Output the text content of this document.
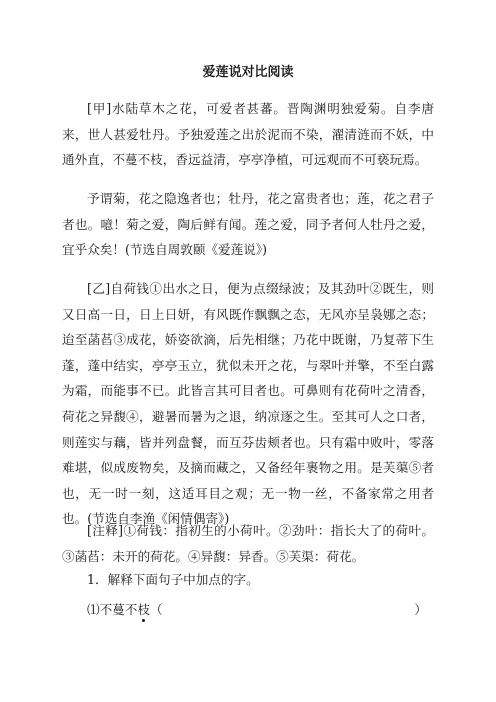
爱莲说对比阅读

[甲]水陆草木之花，可爱者甚蕃。晋陶渊明独爱菊。自李唐来，世人甚爱牡丹。予独爱莲之出於泥而不染，濯清涟而不妖，中通外直，不蔓不枝，香远益清，亭亭净植，可远观而不可亵玩焉。

予谓菊，花之隐逸者也；牡丹，花之富贵者也；莲，花之君子者也。噫！菊之爱，陶后鲜有闻。莲之爱，同予者何人牡丹之爱，宜乎众矣！(节选自周敦颐《爱莲说》)

[乙]自荷钱①出水之日，便为点缀绿波；及其劲叶②既生，则又日高一日，日上日妍，有风既作飘飘之态，无风亦呈袅娜之态；迨至菡萏③成花，娇姿欲滴，后先相继；乃花中既谢，乃复蒂下生蓬，蓬中结实，亭亭玉立，犹似未开之花，与翠叶并擎，不至白露为霜，而能事不已。此皆言其可目者也。可鼻则有花荷叶之清香，荷花之异馥④，避暑而暑为之退，纳凉逐之生。至其可人之口者，则莲实与藕，皆并列盘餐，而互芬齿颊者也。只有霜中败叶，零落难堪，似成废物矣，及摘而藏之，又备经年裹物之用。是芙蕖⑤者也，无一时一刻，这适耳目之观；无一物一丝，不备家常之用者也。(节选自李渔《闲情偶寄》)

[注释]①荷钱：指初生的小荷叶。②劲叶：指长大了的荷叶。③菡萏：未开的荷花。④异馥：异香。⑤芙渠：荷花。

1．解释下面句子中加点的字。
⑴不蔓不枝（	）
